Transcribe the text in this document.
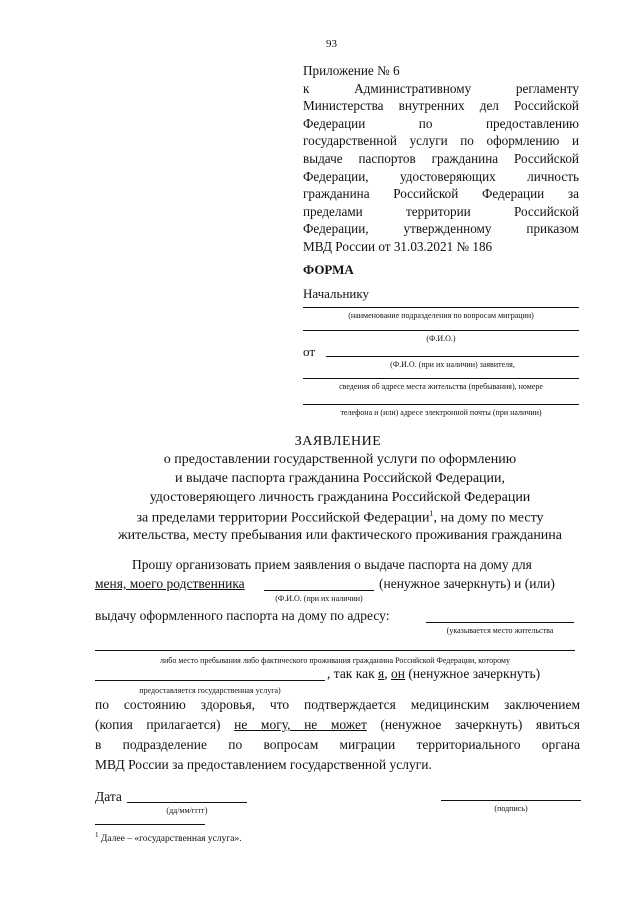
93
Приложение № 6
к Административному регламенту
Министерства внутренних дел Российской
Федерации по предоставлению
государственной услуги по оформлению и
выдаче паспортов гражданина Российской
Федерации, удостоверяющих личность
гражданина Российской Федерации за
пределами территории Российской
Федерации, утвержденному приказом
МВД России от 31.03.2021 № 186
ФОРМА
Начальнику
(наименование подразделения по вопросам миграции)
(Ф.И.О.)
от
(Ф.И.О. (при их наличии) заявителя,
сведения об адресе места жительства (пребывания), номере
телефона и (или) адресе электронной почты (при наличии)
ЗАЯВЛЕНИЕ
о предоставлении государственной услуги по оформлению
и выдаче паспорта гражданина Российской Федерации,
удостоверяющего личность гражданина Российской Федерации
за пределами территории Российской Федерации$^1$, на дому по месту
жительства, месту пребывания или фактического проживания гражданина
Прошу организовать прием заявления о выдаче паспорта на дому для
меня, моего родственника	(ненужное зачеркнуть) и (или)
(Ф.И.О. (при их наличии)
выдачу оформленного паспорта на дому по адресу:
(указывается место жительства
либо место пребывания либо фактического проживания гражданина Российской Федерации, которому
, так как я, он (ненужное зачеркнуть)
предоставляется государственная услуга)
по состоянию здоровья, что подтверждается медицинским заключением
(копия прилагается) не могу, не может (ненужное зачеркнуть) явиться
в подразделение по вопросам миграции территориального органа
МВД России за предоставлением государственной услуги.
Дата
(дд/мм/гггг)	(подпись)
$^1$ Далее – «государственная услуга».
